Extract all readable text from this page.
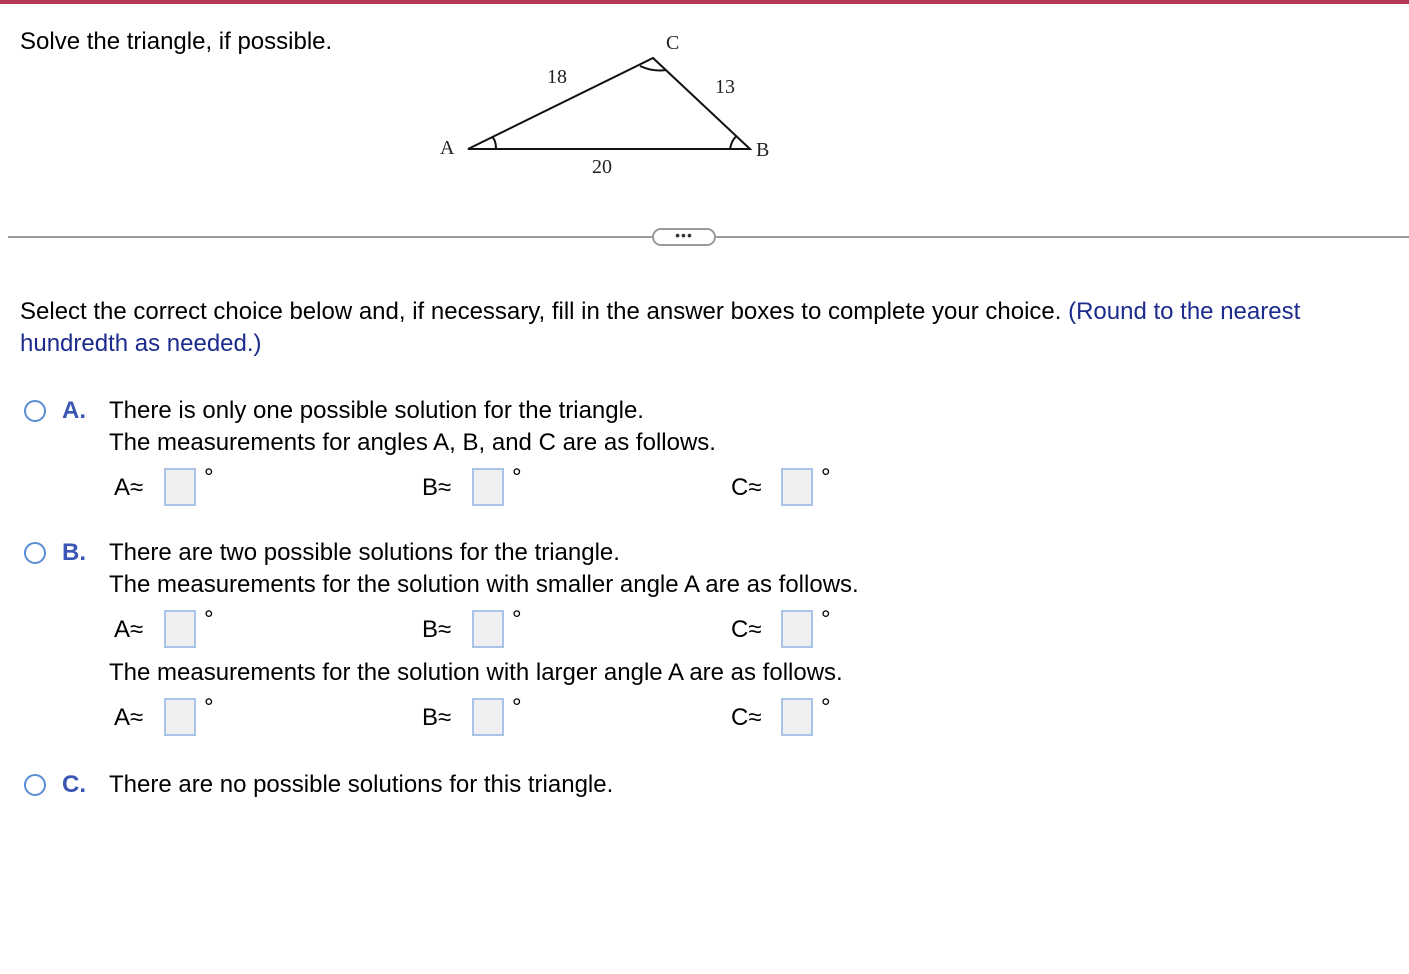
Solve the triangle, if possible.
A	B
C
18	13
20
•••
Select the correct choice below and, if necessary, fill in the answer boxes to complete your choice. (Round to the nearest hundredth as needed.)
A. There is only one possible solution for the triangle.
The measurements for angles A, B, and C are as follows.
A≈	°	B≈	°	C≈ °
B. There are two possible solutions for the triangle.
The measurements for the solution with smaller angle A are as follows.
A≈	°	B≈	°	C≈ °
The measurements for the solution with larger angle A are as follows.
A≈	°	B≈	°	C≈ °
C. There are no possible solutions for this triangle.
